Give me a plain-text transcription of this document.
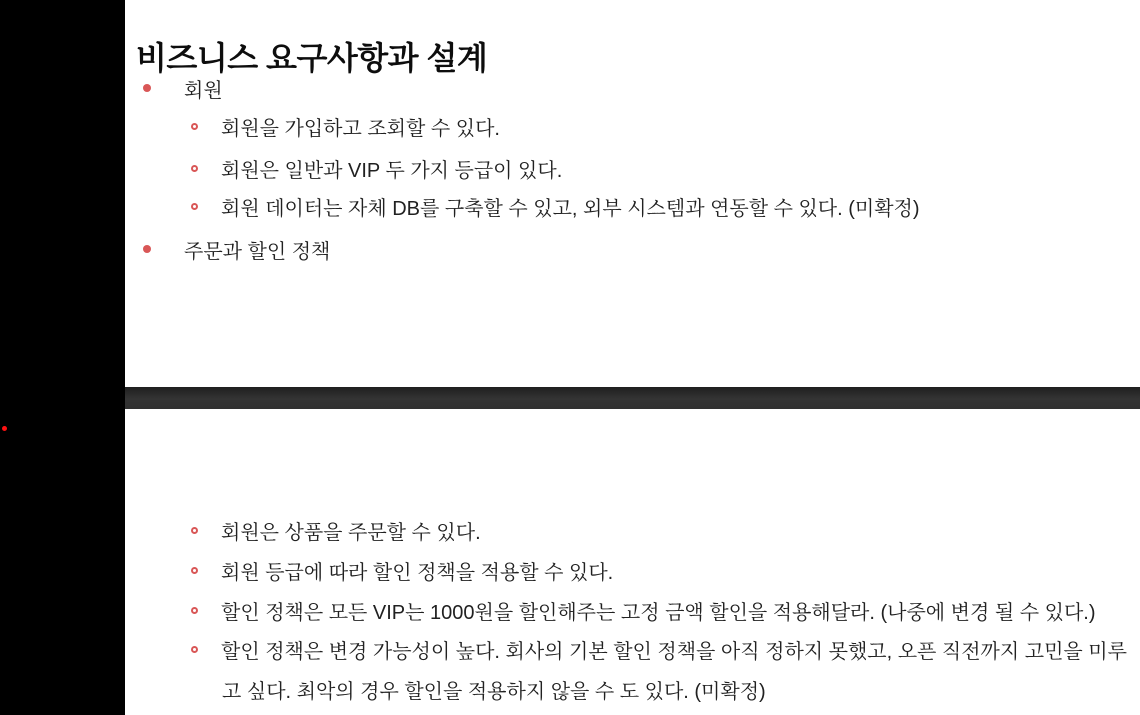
비즈니스 요구사항과 설계
회원
회원을 가입하고 조회할 수 있다.
회원은 일반과 VIP 두 가지 등급이 있다.
회원 데이터는 자체 DB를 구축할 수 있고, 외부 시스템과 연동할 수 있다. (미확정)
주문과 할인 정책
회원은 상품을 주문할 수 있다.
회원 등급에 따라 할인 정책을 적용할 수 있다.
할인 정책은 모든 VIP는 1000원을 할인해주는 고정 금액 할인을 적용해달라. (나중에 변경 될 수 있다.)
할인 정책은 변경 가능성이 높다. 회사의 기본 할인 정책을 아직 정하지 못했고, 오픈 직전까지 고민을 미루
고 싶다. 최악의 경우 할인을 적용하지 않을 수 도 있다. (미확정)
